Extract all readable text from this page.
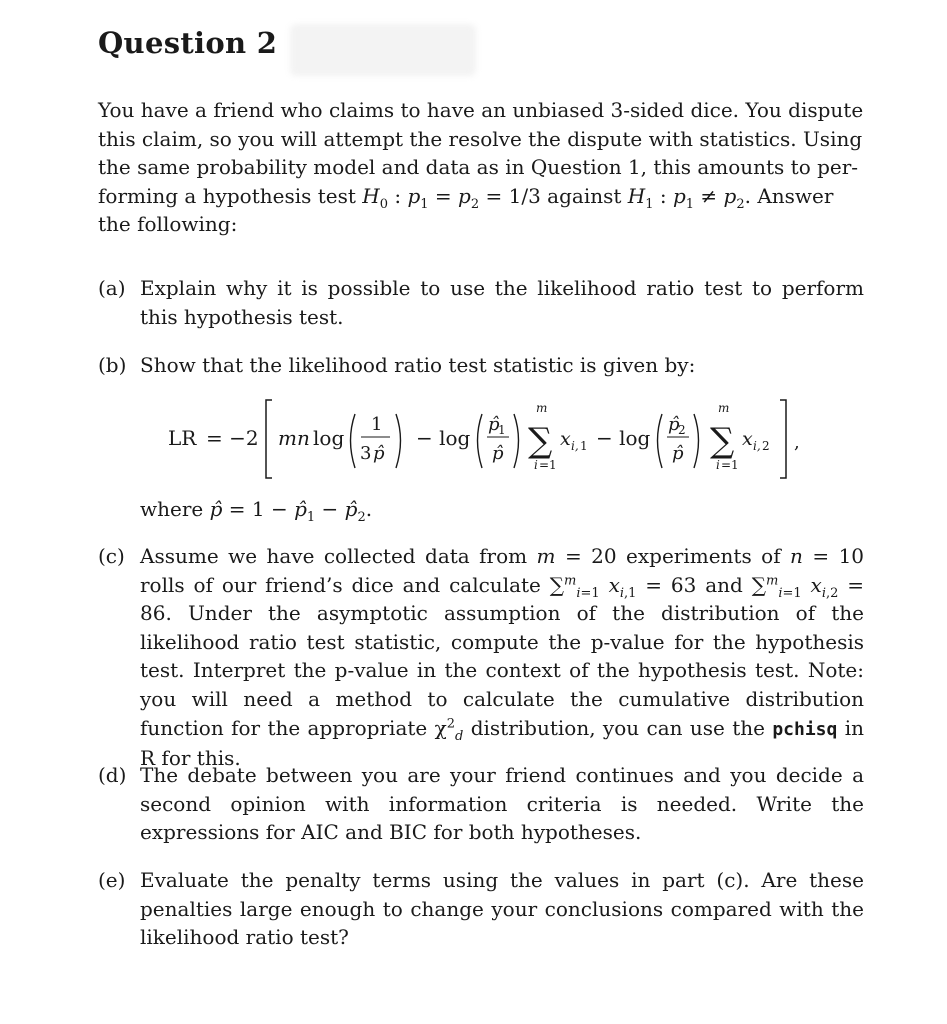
Question 2
You have a friend who claims to have an unbiased 3-sided dice. You dispute
this claim, so you will attempt the resolve the dispute with statistics. Using
the same probability model and data as in Question 1, this amounts to per-
forming a hypothesis test $H_0$ : $p_1 = p_2 = 1/3$ against $H_1$ : $p_1 \ne p_2$. Answer
the following:
(a) Explain why it is possible to use the likelihood ratio test to perform this hypothesis test.
(b) Show that the likelihood ratio test statistic is given by:
LR = −2 mn log
1
3 p̂
− log
p̂
1
p̂
m
∑
i =1
x i, 1 − log
p̂
2
p̂
m
∑
i =1
x i, 2 ,
where p̂ = $1 - p̂_1$ − $p̂_2$.
(c) Assume we have collected data from m = 20 experiments of n = 10 rolls of our friend’s dice and calculate ∑$^m_{i=1}$ $x_{i,1} = 63$ and ∑$^m_{i=1}$ $x_{i,2} = 86$. Under the asymptotic assumption of the distribution of the likelihood ratio test statistic, compute the p-value for the hypothesis test. Interpret the p-value in the context of the hypothesis test. Note: you will need a method to calculate the cumulative distribution function for the appropriate $\chi^2_d$ distribution, you can use the pchisq in R for this.
(d) The debate between you are your friend continues and you decide a second opinion with information criteria is needed. Write the expressions for AIC and BIC for both hypotheses.
(e) Evaluate the penalty terms using the values in part (c). Are these penalties large enough to change your conclusions compared with the likelihood ratio test?
